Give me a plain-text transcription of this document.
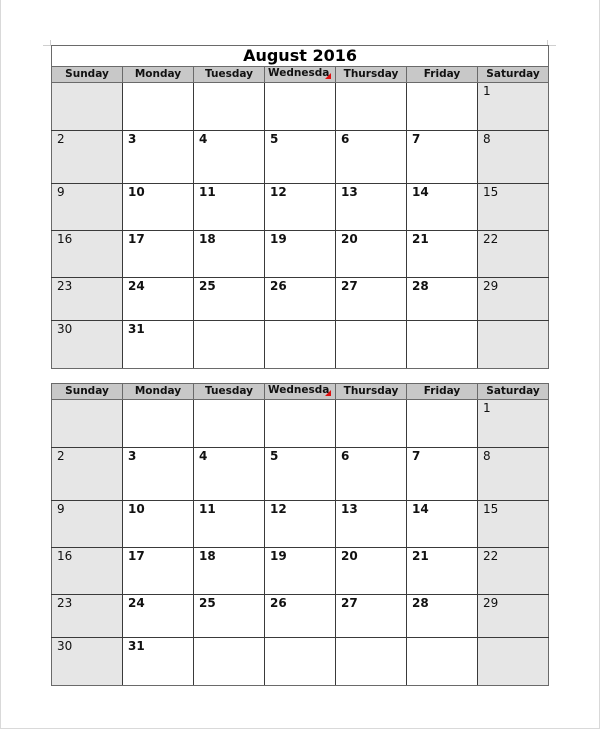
August 2016						
Sunday	Monday	Tuesday	Wednesda	Thursday	Friday	Saturday
						1
2	3	4	5	6	7	8
9	10	11	12	13	14	15
16	17	18	19	20	21	22
23	24	25	26	27	28	29
30	31					
Sunday	Monday	Tuesday	Wednesda	Thursday	Friday	Saturday
						1
2	3	4	5	6	7	8
9	10	11	12	13	14	15
16	17	18	19	20	21	22
23	24	25	26	27	28	29
30	31					
